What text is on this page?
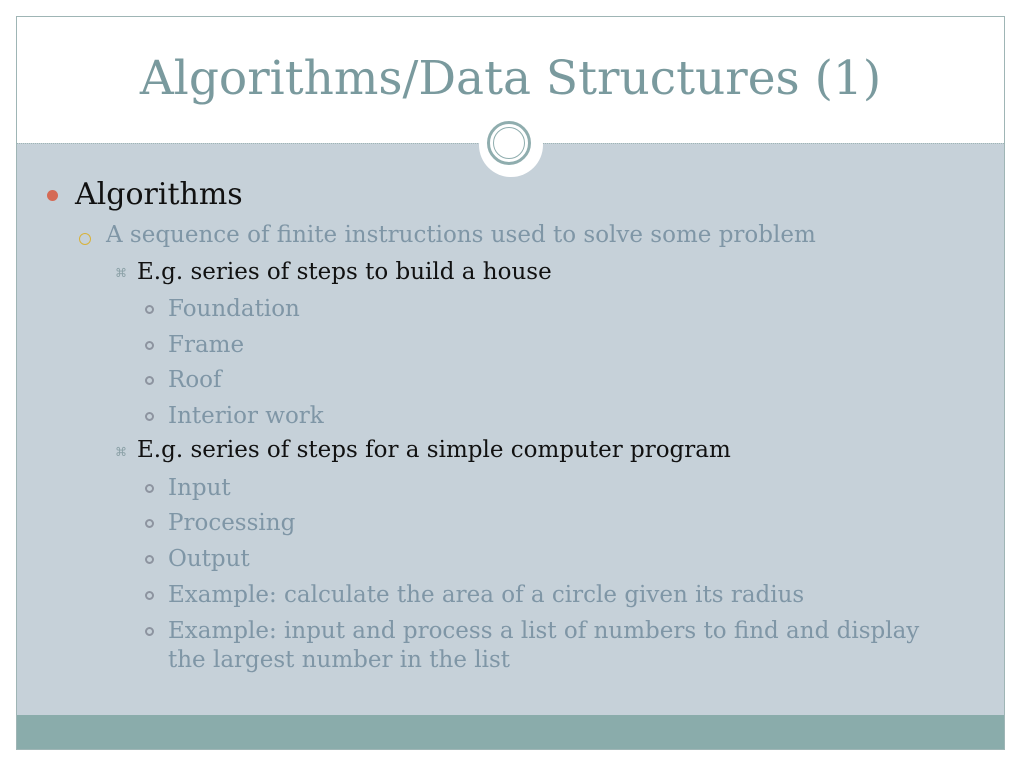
Algorithms/Data Structures (1)
Algorithms
A sequence of finite instructions used to solve some problem
⌘ E.g. series of steps to build a house
Foundation
Frame
Roof
Interior work
⌘ E.g. series of steps for a simple computer program
Input
Processing
Output
Example: calculate the area of a circle given its radius
Example: input and process a list of numbers to find and display
the largest number in the list
